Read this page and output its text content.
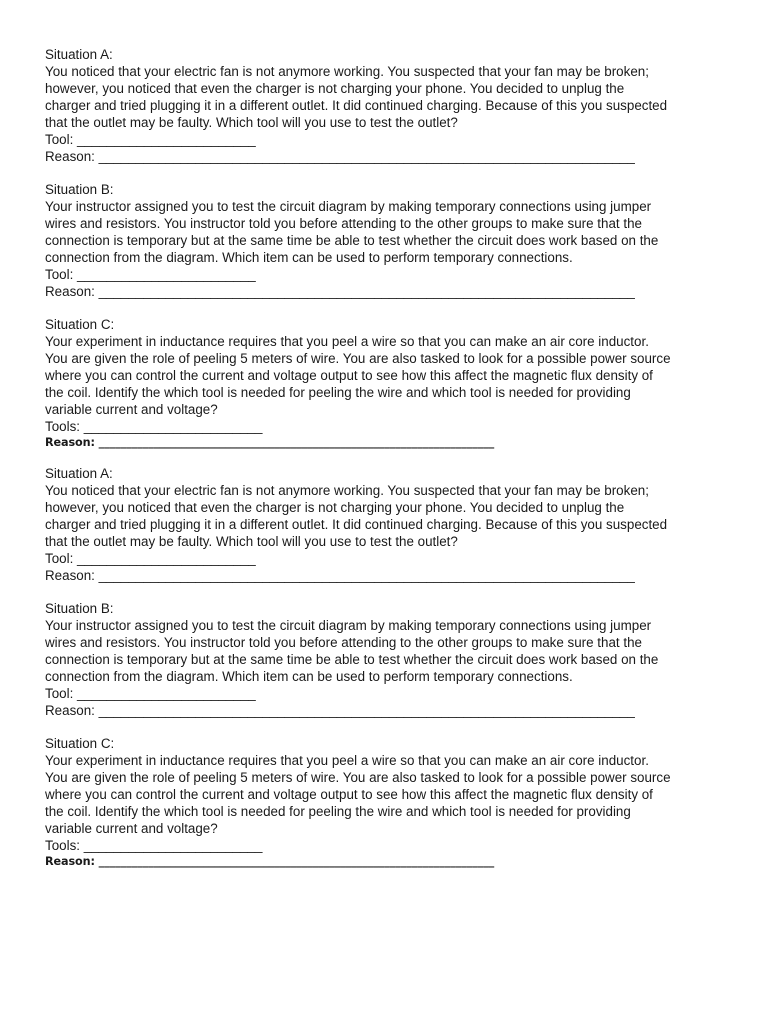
Situation A:
You noticed that your electric fan is not anymore working. You suspected that your fan may be broken;
however, you noticed that even the charger is not charging your phone. You decided to unplug the
charger and tried plugging it in a different outlet. It did continued charging. Because of this you suspected
that the outlet may be faulty. Which tool will you use to test the outlet?
Tool: ________________________
Reason: ________________________________________________________________________
Situation B:
Your instructor assigned you to test the circuit diagram by making temporary connections using jumper
wires and resistors. You instructor told you before attending to the other groups to make sure that the
connection is temporary but at the same time be able to test whether the circuit does work based on the
connection from the diagram. Which item can be used to perform temporary connections.
Tool: ________________________
Reason: ________________________________________________________________________
Situation C:
Your experiment in inductance requires that you peel a wire so that you can make an air core inductor.
You are given the role of peeling 5 meters of wire. You are also tasked to look for a possible power source
where you can control the current and voltage output to see how this affect the magnetic flux density of
the coil. Identify the which tool is needed for peeling the wire and which tool is needed for providing
variable current and voltage?
Tools: ________________________
Reason: ________________________________________________________________________
Situation A:
You noticed that your electric fan is not anymore working. You suspected that your fan may be broken;
however, you noticed that even the charger is not charging your phone. You decided to unplug the
charger and tried plugging it in a different outlet. It did continued charging. Because of this you suspected
that the outlet may be faulty. Which tool will you use to test the outlet?
Tool: ________________________
Reason: ________________________________________________________________________
Situation B:
Your instructor assigned you to test the circuit diagram by making temporary connections using jumper
wires and resistors. You instructor told you before attending to the other groups to make sure that the
connection is temporary but at the same time be able to test whether the circuit does work based on the
connection from the diagram. Which item can be used to perform temporary connections.
Tool: ________________________
Reason: ________________________________________________________________________
Situation C:
Your experiment in inductance requires that you peel a wire so that you can make an air core inductor.
You are given the role of peeling 5 meters of wire. You are also tasked to look for a possible power source
where you can control the current and voltage output to see how this affect the magnetic flux density of
the coil. Identify the which tool is needed for peeling the wire and which tool is needed for providing
variable current and voltage?
Tools: ________________________
Reason: ________________________________________________________________________
